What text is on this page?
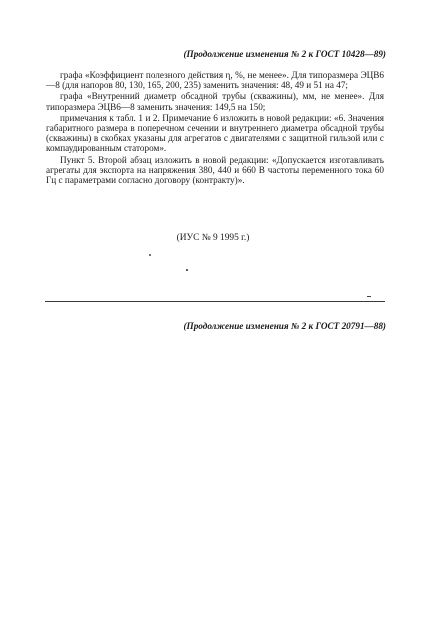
(Продолжение изменения № 2 к ГОСТ 10428—89)

графа «Коэффициент полезного действия η, %, не менее». Для типоразмера ЭЦВ6—8 (для напоров 80, 130, 165, 200, 235) заменить значения: 48, 49 и 51 на 47;

графа «Внутренний диаметр обсадной трубы (скважины), мм, не менее». Для типоразмера ЭЦВ6—8 заменить значения: 149,5 на 150;

примечания к табл. 1 и 2. Примечание 6 изложить в новой редакции: «6. Значения габаритного размера в поперечном сечении и внутреннего диаметра обсадной трубы (скважины) в скобках указаны для агрегатов с двигателями с защитной гильзой или с компаудированным статором».

Пункт 5. Второй абзац изложить в новой редакции: «Допускается изготавливать агрегаты для экспорта на напряжения 380, 440 и 660 В частоты переменного тока 60 Гц с параметрами согласно договору (контракту)».

(ИУС № 9 1995 г.)
(Продолжение изменения № 2 к ГОСТ 20791—88)
